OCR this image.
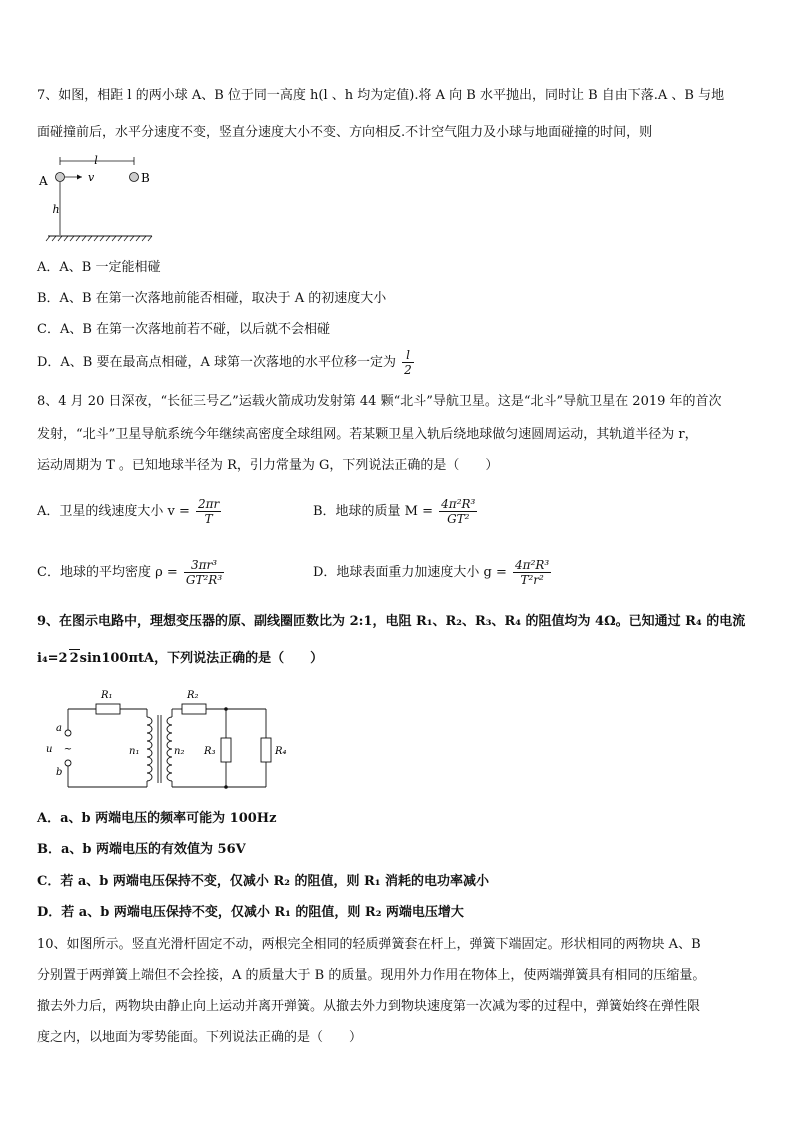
7、如图，相距 l 的两小球 A、B 位于同一高度 h(l 、h 均为定值).将 A 向 B 水平抛出，同时让 B 自由下落.A 、B 与地
面碰撞前后，水平分速度不变，竖直分速度大小不变、方向相反.不计空气阻力及小球与地面碰撞的时间，则
l
A	v	B
h
A．A、B 一定能相碰
B．A、B 在第一次落地前能否相碰，取决于 A 的初速度大小
C．A、B 在第一次落地前若不碰，以后就不会相碰
D．A、B 要在最高点相碰，A 球第一次落地的水平位移一定为 $\frac{l}{2}$
8、4 月 20 日深夜，“长征三号乙”运载火箭成功发射第 44 颗“北斗”导航卫星。这是“北斗”导航卫星在 2019 年的首次
发射，“北斗”卫星导航系统今年继续高密度全球组网。若某颗卫星入轨后绕地球做匀速圆周运动，其轨道半径为 r，
运动周期为 T 。已知地球半径为 R，引力常量为 G，下列说法正确的是（　　）
A．卫星的线速度大小 $v = \frac{2\pi r}{T}$	B．地球的质量 $M = \frac{\text{4π²R³}}{\text{GT²}}$
C．地球的平均密度 $\rho = \frac{\text{3πr³}}{\text{GT²R³}}$	D．地球表面重力加速度大小 $g = \frac{\text{4π²R³}}{\text{T²r²}}$
9、在图示电路中，理想变压器的原、副线圈匝数比为 2:1，电阻 R₁、R₂、R₃、R₄ 的阻值均为 4Ω。已知通过 R₄ 的电流
i₄=2 2sin100πtA，下列说法正确的是（　　）
R₁	R₂
R₃	R₄
n₁	n₂
a
b
u ~
A．a、b 两端电压的频率可能为 100Hz
B．a、b 两端电压的有效值为 56V
C．若 a、b 两端电压保持不变，仅减小 R₂ 的阻值，则 R₁ 消耗的电功率减小
D．若 a、b 两端电压保持不变，仅减小 R₁ 的阻值，则 R₂ 两端电压增大
10、如图所示。竖直光滑杆固定不动，两根完全相同的轻质弹簧套在杆上，弹簧下端固定。形状相同的两物块 A、B
分别置于两弹簧上端但不会拴接，A 的质量大于 B 的质量。现用外力作用在物体上，使两端弹簧具有相同的压缩量。
撤去外力后，两物块由静止向上运动并离开弹簧。从撤去外力到物块速度第一次减为零的过程中，弹簧始终在弹性限
度之内，以地面为零势能面。下列说法正确的是（　　）
